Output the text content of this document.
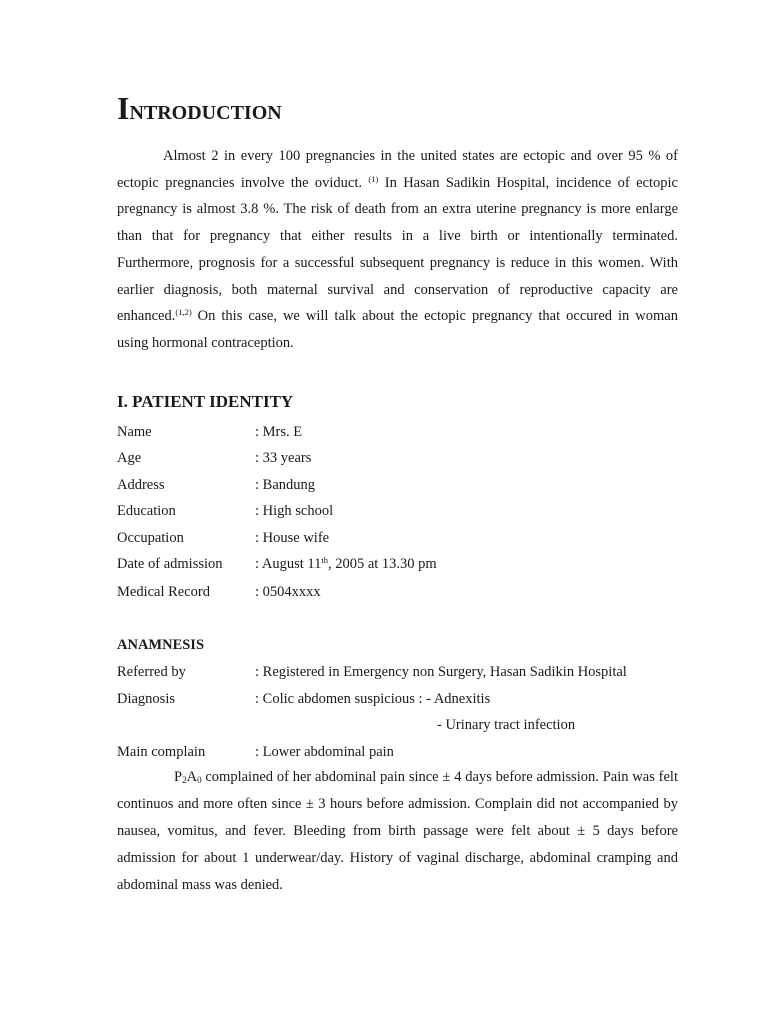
INTRODUCTION

Almost 2 in every 100 pregnancies in the united states are ectopic and over 95 % of ectopic pregnancies involve the oviduct. $^{(1)}$ In Hasan Sadikin Hospital, incidence of ectopic pregnancy is almost 3.8 %. The risk of death from an extra uterine pregnancy is more enlarge than that for pregnancy that either results in a live birth or intentionally terminated. Furthermore, prognosis for a successful subsequent pregnancy is reduce in this women. With earlier diagnosis, both maternal survival and conservation of reproductive capacity are enhanced.$^{(1,2)}$ On this case, we will talk about the ectopic pregnancy that occured in woman using hormonal contraception.

I. PATIENT IDENTITY
Name	: Mrs. E
Age	: 33 years
Address	: Bandung
Education	: High school
Occupation	: House wife
Date of admission : August 11th, 2005 at 13.30 pm
Medical Record	: 0504xxxx
ANAMNESIS
Referred by	: Registered in Emergency non Surgery, Hasan Sadikin Hospital
Diagnosis	: Colic abdomen suspicious : - Adnexitis
- Urinary tract infection
Main complain	: Lower abdominal pain

$P_2A_0$ complained of her abdominal pain since ± 4 days before admission. Pain was felt continuos and more often since ± 3 hours before admission. Complain did not accompanied by nausea, vomitus, and fever. Bleeding from birth passage were felt about ± 5 days before admission for about 1 underwear/day. History of vaginal discharge, abdominal cramping and abdominal mass was denied.
